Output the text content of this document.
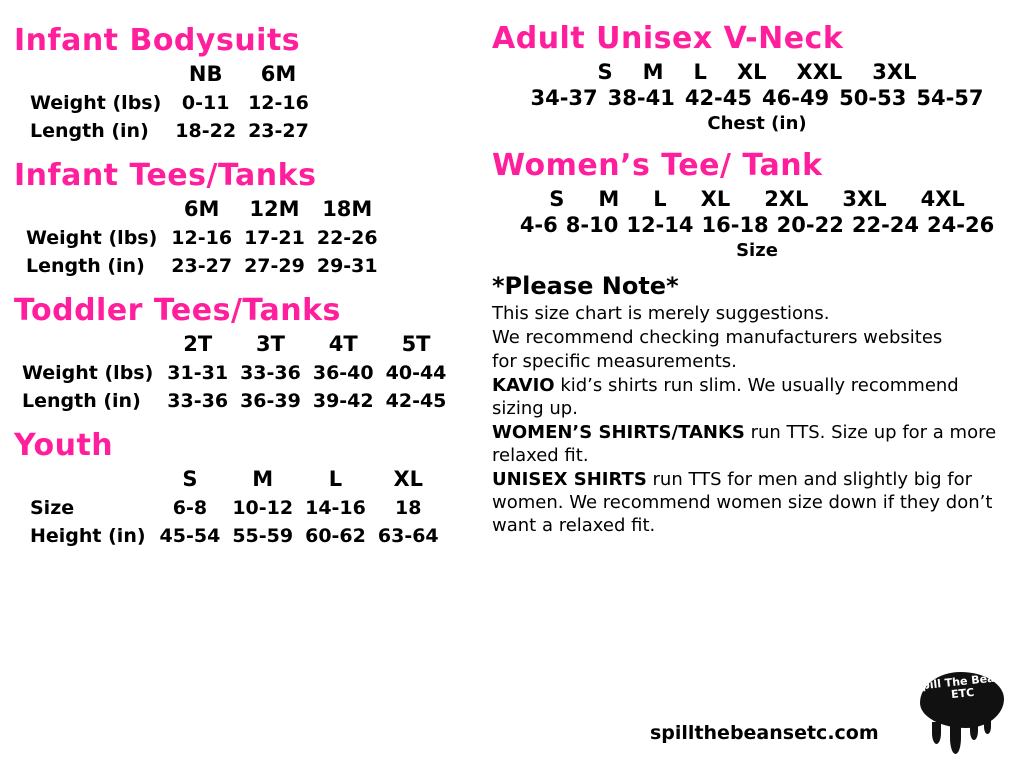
Infant Bodysuits
	NB	6M
Weight (lbs)	0-11	12-16
Length (in)	18-22	23-27
Infant Tees/Tanks
	6M	12M	18M
Weight (lbs)	12-16	17-21	22-26
Length (in)	23-27	27-29	29-31
Toddler Tees/Tanks
	2T	3T	4T	5T
Weight (lbs)	31-31	33-36	36-40	40-44
Length (in)	33-36	36-39	39-42	42-45
Youth
	S	M	L	XL
Size	6-8	10-12	14-16	18
Height (in)	45-54	55-59	60-62	63-64
Adult Unisex V-Neck
S M L XL XXL 3XL
34-37 38-41 42-45 46-49 50-53 54-57
Chest (in)
Women’s Tee/ Tank
S M L XL 2XL 3XL 4XL
4-6 8-10 12-14 16-18 20-22 22-24 24-26
Size
*Please Note*

This size chart is merely suggestions.

We recommend checking manufacturers websites

for specific measurements.

KAVIO kid’s shirts run slim. We usually recommend sizing up.

WOMEN’S SHIRTS/TANKS run TTS. Size up for a more relaxed fit.

UNISEX SHIRTS run TTS for men and slightly big for women. We recommend women size down if they don’t want a relaxed fit.

spillthebeansetc.com
Spill The Beans ETC
